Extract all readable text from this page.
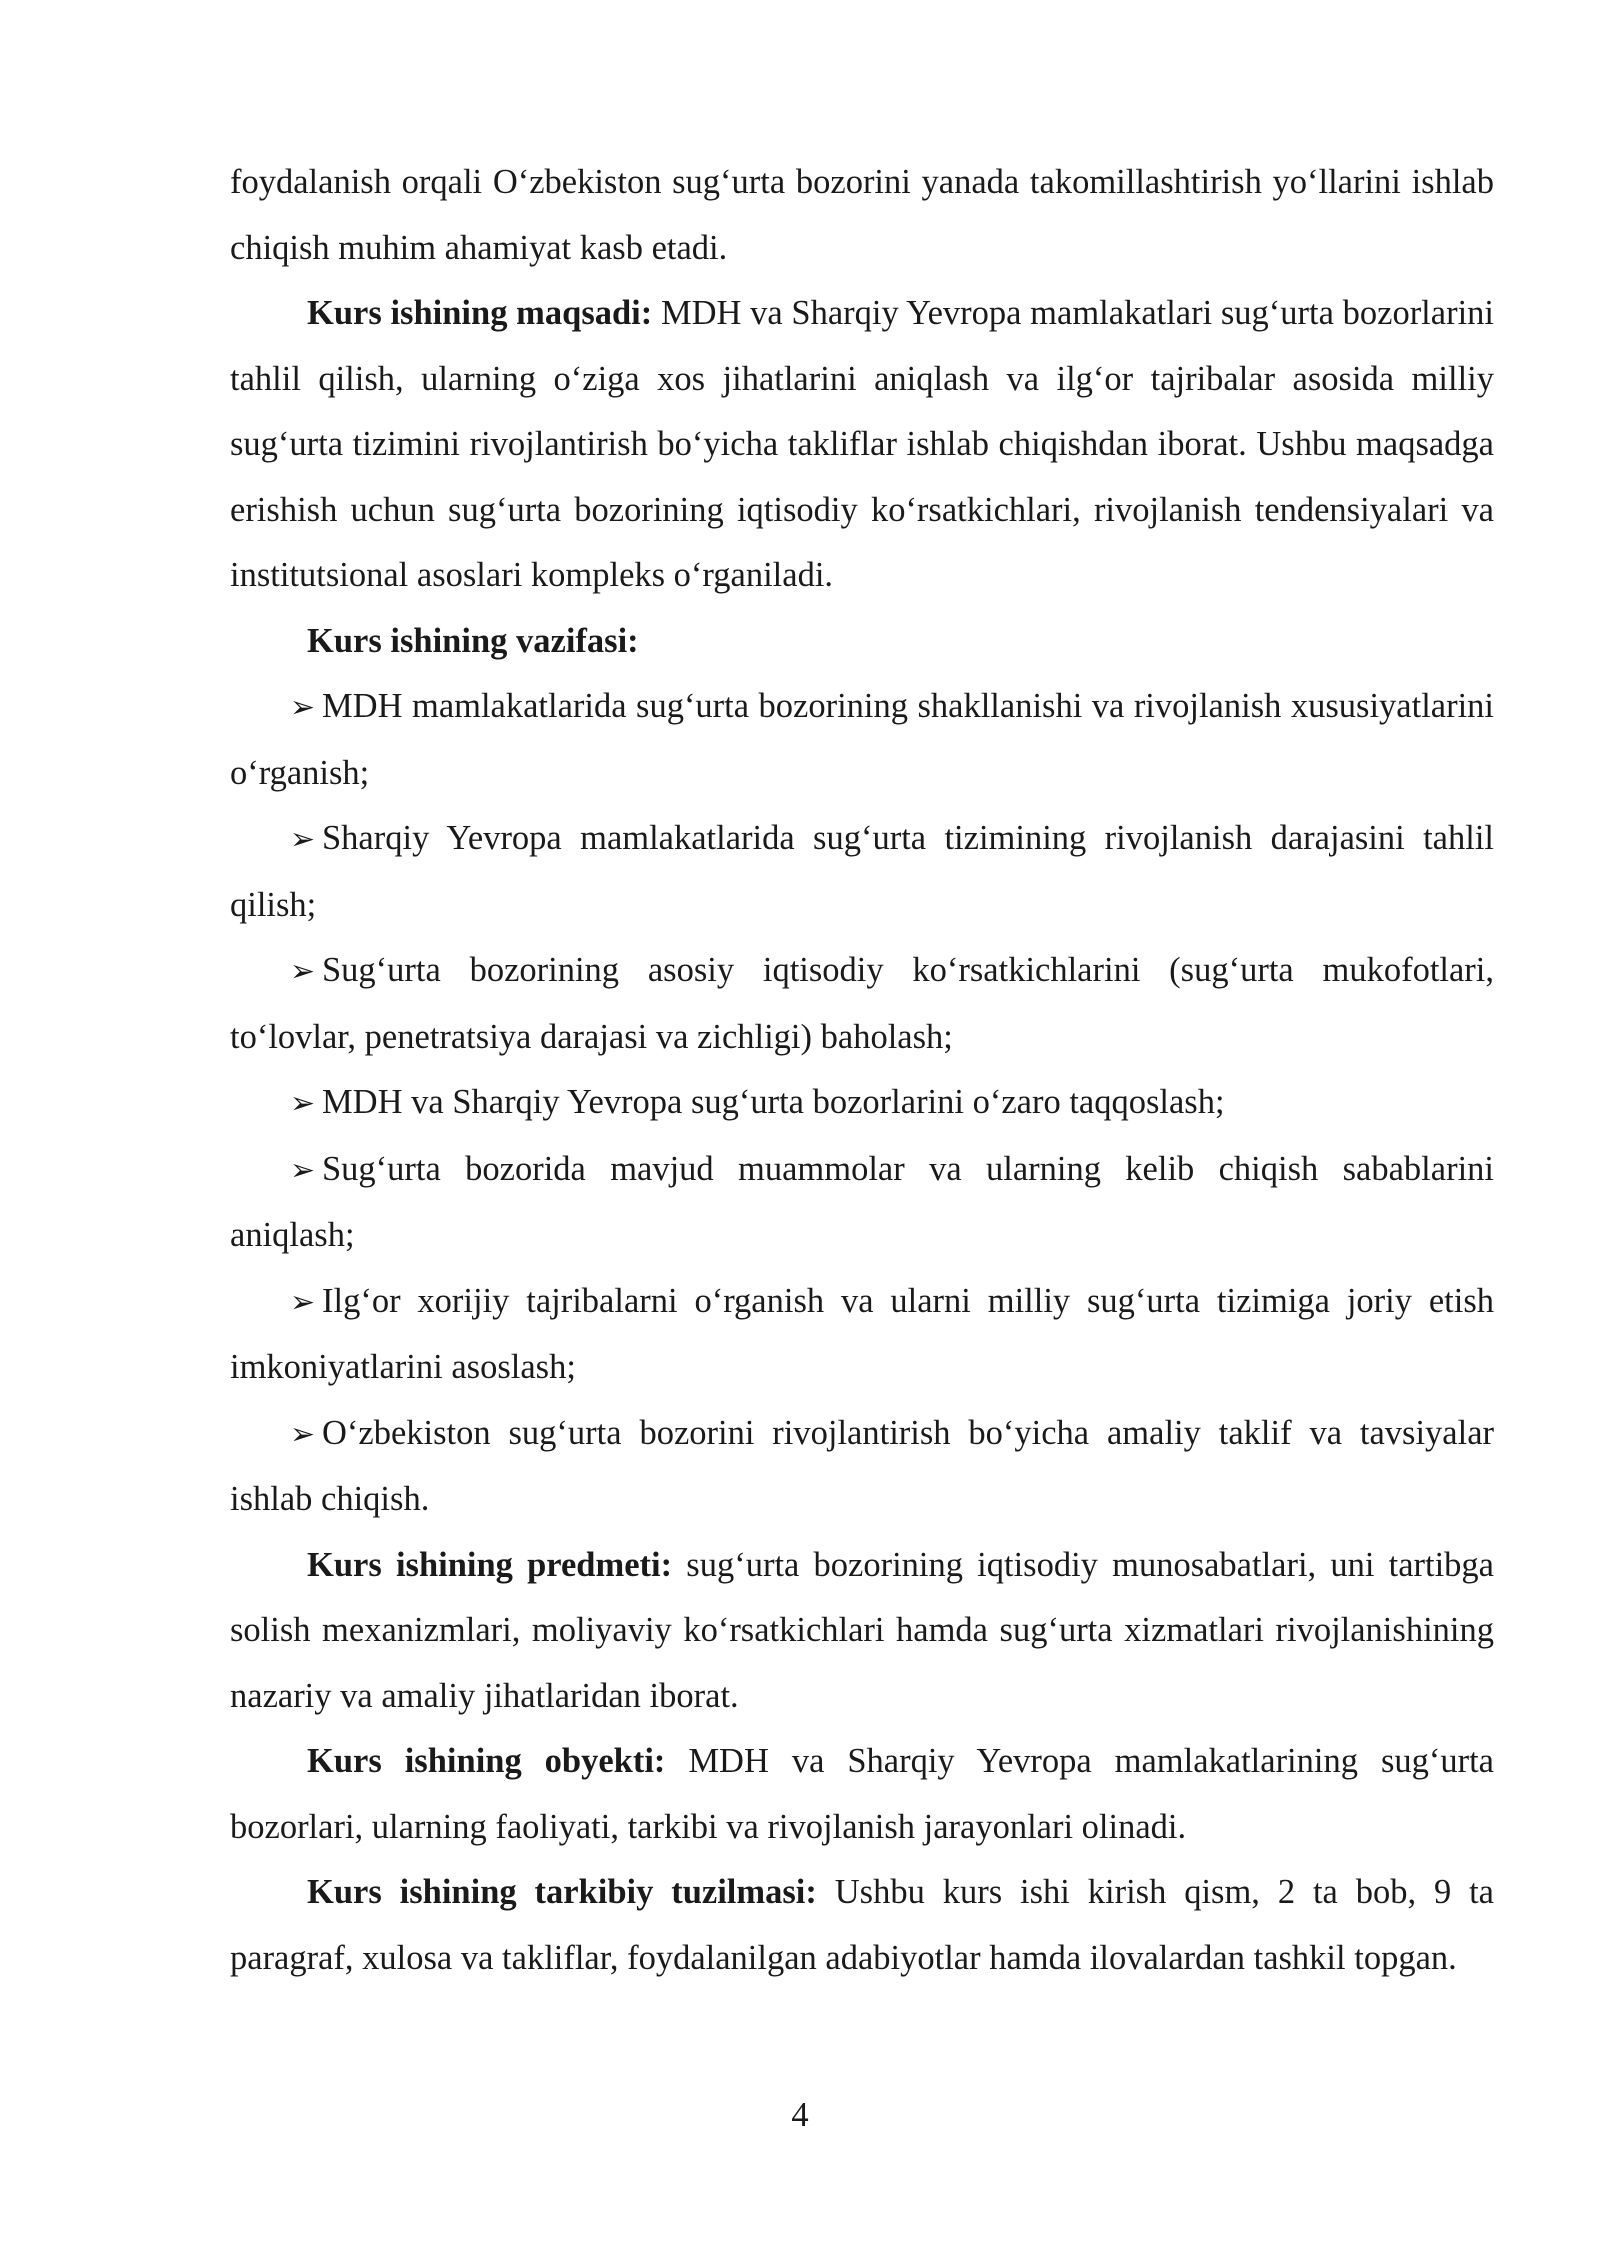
foydalanish orqali O‘zbekiston sug‘urta bozorini yanada takomillashtirish yo‘llarini ishlab chiqish muhim ahamiyat kasb etadi.

Kurs ishining maqsadi: MDH va Sharqiy Yevropa mamlakatlari sug‘urta bozorlarini tahlil qilish, ularning o‘ziga xos jihatlarini aniqlash va ilg‘or tajribalar asosida milliy sug‘urta tizimini rivojlantirish bo‘yicha takliflar ishlab chiqishdan iborat. Ushbu maqsadga erishish uchun sug‘urta bozorining iqtisodiy ko‘rsatkichlari, rivojlanish tendensiyalari va institutsional asoslari kompleks o‘rganiladi.

Kurs ishining vazifasi:

➢ MDH mamlakatlarida sug‘urta bozorining shakllanishi va rivojlanish xususiyatlarini o‘rganish;

➢ Sharqiy Yevropa mamlakatlarida sug‘urta tizimining rivojlanish darajasini tahlil qilish;

➢ Sug‘urta bozorining asosiy iqtisodiy ko‘rsatkichlarini (sug‘urta mukofotlari, to‘lovlar, penetratsiya darajasi va zichligi) baholash;

➢ MDH va Sharqiy Yevropa sug‘urta bozorlarini o‘zaro taqqoslash;

➢ Sug‘urta bozorida mavjud muammolar va ularning kelib chiqish sabablarini aniqlash;

➢ Ilg‘or xorijiy tajribalarni o‘rganish va ularni milliy sug‘urta tizimiga joriy etish imkoniyatlarini asoslash;

➢ O‘zbekiston sug‘urta bozorini rivojlantirish bo‘yicha amaliy taklif va tavsiyalar ishlab chiqish.

Kurs ishining predmeti: sug‘urta bozorining iqtisodiy munosabatlari, uni tartibga solish mexanizmlari, moliyaviy ko‘rsatkichlari hamda sug‘urta xizmatlari rivojlanishining nazariy va amaliy jihatlaridan iborat.

Kurs ishining obyekti: MDH va Sharqiy Yevropa mamlakatlarining sug‘urta bozorlari, ularning faoliyati, tarkibi va rivojlanish jarayonlari olinadi.

Kurs ishining tarkibiy tuzilmasi: Ushbu kurs ishi kirish qism, 2 ta bob, 9 ta paragraf, xulosa va takliflar, foydalanilgan adabiyotlar hamda ilovalardan tashkil topgan.

4
